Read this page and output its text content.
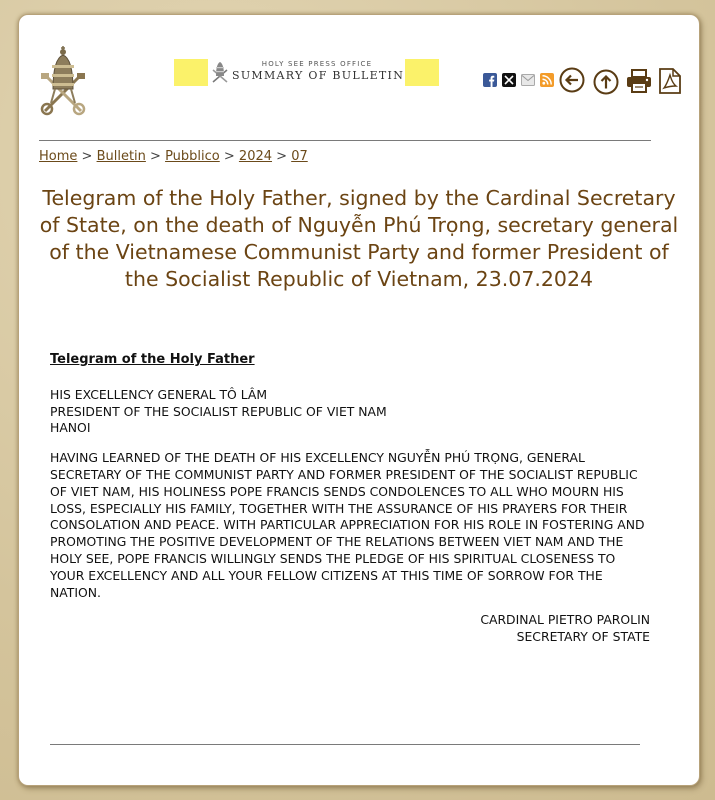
HOLY SEE PRESS OFFICE
SUMMARY OF BULLETIN
Home > Bulletin > Pubblico > 2024 > 07
Telegram of the Holy Father, signed by the Cardinal Secretary of State, on the death of Nguyễn Phú Trọng, secretary general of the Vietnamese Communist Party and former President of the Socialist Republic of Vietnam, 23.07.2024
Telegram of the Holy Father

HIS EXCELLENCY GENERAL TÔ LÂM

PRESIDENT OF THE SOCIALIST REPUBLIC OF VIET NAM

HANOI

HAVING LEARNED OF THE DEATH OF HIS EXCELLENCY NGUYỄN PHÚ TRỌNG, GENERAL SECRETARY OF THE COMMUNIST PARTY AND FORMER PRESIDENT OF THE SOCIALIST REPUBLIC OF VIET NAM, HIS HOLINESS POPE FRANCIS SENDS CONDOLENCES TO ALL WHO MOURN HIS LOSS, ESPECIALLY HIS FAMILY, TOGETHER WITH THE ASSURANCE OF HIS PRAYERS FOR THEIR CONSOLATION AND PEACE. WITH PARTICULAR APPRECIATION FOR HIS ROLE IN FOSTERING AND PROMOTING THE POSITIVE DEVELOPMENT OF THE RELATIONS BETWEEN VIET NAM AND THE HOLY SEE, POPE FRANCIS WILLINGLY SENDS THE PLEDGE OF HIS SPIRITUAL CLOSENESS TO YOUR EXCELLENCY AND ALL YOUR FELLOW CITIZENS AT THIS TIME OF SORROW FOR THE NATION.

CARDINAL PIETRO PAROLIN

SECRETARY OF STATE
